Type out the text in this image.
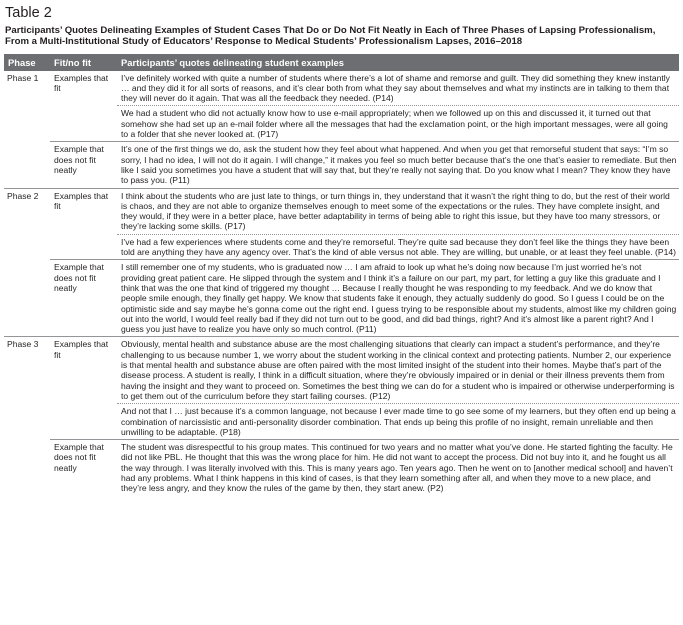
Table 2
Participants’ Quotes Delineating Examples of Student Cases That Do or Do Not Fit Neatly in Each of Three Phases of Lapsing Professionalism, From a Multi-Institutional Study of Educators’ Response to Medical Students’ Professionalism Lapses, 2016–2018
Phase	Fit/no fit	Participants’ quotes delineating student examples
Phase 1	Examples that fit	I’ve definitely worked with quite a number of students where there’s a lot of shame and remorse and guilt. They did something they knew instantly … and they did it for all sorts of reasons, and it’s clear both from what they say about themselves and what my instincts are in talking to them that they will never do it again. That was all the feedback they needed. (P14)
		We had a student who did not actually know how to use e-mail appropriately; when we followed up on this and discussed it, it turned out that somehow she had set up an e-mail folder where all the messages that had the exclamation point, or the high important messages, were all going to a folder that she never looked at. (P17)
	Example that does not fit neatly	It’s one of the first things we do, ask the student how they feel about what happened. And when you get that remorseful student that says: “I’m so sorry, I had no idea, I will not do it again. I will change,” it makes you feel so much better because that’s the one that’s easier to remediate. But then like I said you sometimes you have a student that will say that, but they’re really not saying that. Do you know what I mean? They know they have to pass you. (P11)
Phase 2	Examples that fit	I think about the students who are just late to things, or turn things in, they understand that it wasn’t the right thing to do, but the rest of their world is chaos, and they are not able to organize themselves enough to meet some of the expectations or the rules. They have complete insight, and they would, if they were in a better place, have better adaptability in terms of being able to right this issue, but they have too many stressors, or they’re lacking some skills. (P17)
		I’ve had a few experiences where students come and they’re remorseful. They’re quite sad because they don’t feel like the things they have been told are anything they have any agency over. That’s the kind of able versus not able. They are willing, but unable, or at least they feel unable. (P14)
	Example that does not fit neatly	I still remember one of my students, who is graduated now … I am afraid to look up what he’s doing now because I’m just worried he’s not providing great patient care. He slipped through the system and I think it’s a failure on our part, my part, for letting a guy like this graduate and I think that was the one that kind of triggered my thought … Because I really thought he was responding to my feedback. And we do know that people smile enough, they finally get happy. We know that students fake it enough, they actually suddenly do good. So I guess I could be on the optimistic side and say maybe he’s gonna come out the right end. I guess trying to be responsible about my students, almost like my children going out into the world, I would feel really bad if they did not turn out to be good, and did bad things, right? And it’s almost like a parent right? And I guess you just have to realize you have only so much control. (P11)
Phase 3	Examples that fit	Obviously, mental health and substance abuse are the most challenging situations that clearly can impact a student’s performance, and they’re challenging to us because number 1, we worry about the student working in the clinical context and protecting patients. Number 2, our experience is that mental health and substance abuse are often paired with the most limited insight of the student into their homes. Maybe that’s part of the disease process. A student is really, I think in a difficult situation, where they’re obviously impaired or in denial or their illness prevents them from having the insight and they want to proceed on. Sometimes the best thing we can do for a student who is impaired or otherwise underperforming is to get them out of the curriculum before they start failing courses. (P12)
		And not that I … just because it’s a common language, not because I ever made time to go see some of my learners, but they often end up being a combination of narcissistic and anti-personality disorder combination. That ends up being this profile of no insight, remain unreliable and then unwilling to be adaptable. (P18)
	Example that does not fit neatly	The student was disrespectful to his group mates. This continued for two years and no matter what you’ve done. He started fighting the faculty. He did not like PBL. He thought that this was the wrong place for him. He did not want to accept the process. Did not buy into it, and he fought us all the way through. I was literally involved with this. This is many years ago. Ten years ago. Then he went on to [another medical school] and haven’t had any problems. What I think happens in this kind of cases, is that they learn something after all, and when they move to a new place, and they’re less angry, and they know the rules of the game by then, they start anew. (P2)
